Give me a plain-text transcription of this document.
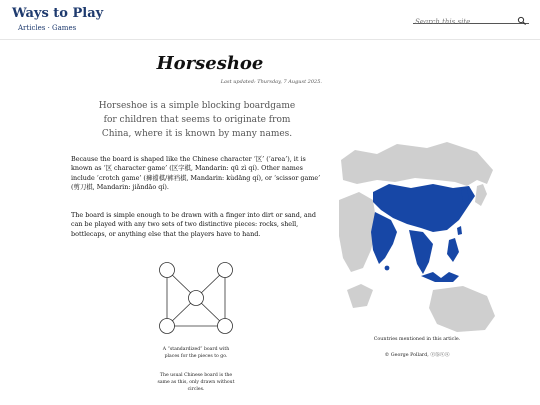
Ways to Play
Articles · Games
Search this site
Horseshoe
Last updated: Thursday, 7 August 2025.

Horseshoe is a simple blocking boardgame for children that seems to originate from China, where it is known by many names.

Because the board is shaped like the Chinese character ‘区’ (‘area’), it is known as ‘区 character game’ (区字棋, Mandarin: qū zì qí). Other names include ‘crotch game’ (褲襠棋/裤裆棋, Mandarin: kùdāng qí), or ‘scissor game’ (剪刀棋, Mandarin: jiǎndāo qí).

The board is simple enough to be drawn with a finger into dirt or sand, and can be played with any two sets of two distinctive pieces: rocks, shell, bottlecaps, or anything else that the players have to hand.

A “standardized” board with places for the pieces to go.

The usual Chinese board is the same as this, only drawn without circles.

Countries mentioned in this article.

© George Pollard, ⓒⓑⓢⓐ
